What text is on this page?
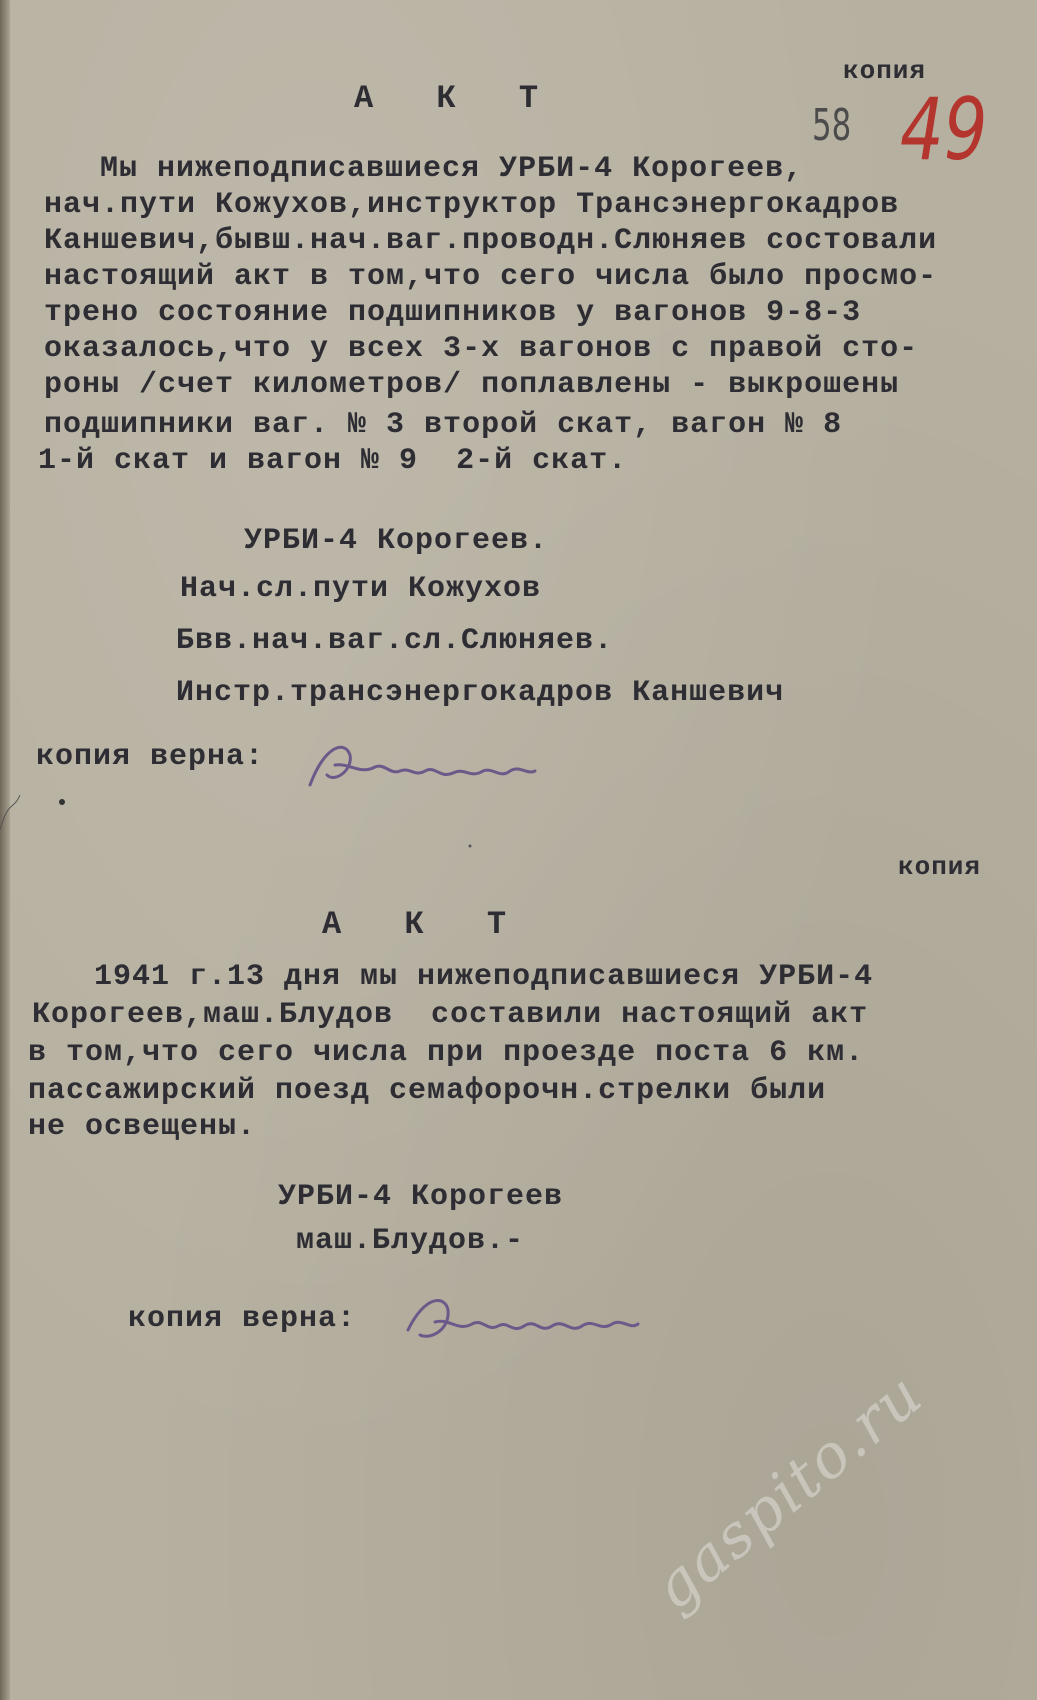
копия
58 49
А К Т
Мы нижеподписавшиеся УРБИ-4 Корогеев,
нач.пути Кожухов,инструктор Трансэнергокадров
Каншевич,бывш.нач.ваг.проводн.Слюняев состовали
настоящий акт в том,что сего числа было просмо-
трено состояние подшипников у вагонов 9-8-3
оказалось,что у всех 3-х вагонов с правой сто-
роны /счет километров/ поплавлены - выкрошены
подшипники ваг. № 3 второй скат, вагон № 8
1-й скат и вагон № 9  2-й скат.
УРБИ-4 Корогеев.
Нач.сл.пути Кожухов
Бвв.нач.ваг.сл.Слюняев.
Инстр.трансэнергокадров Каншевич
копия верна:
копия
А К Т
1941 г.13 дня мы нижеподписавшиеся УРБИ-4
Корогеев,маш.Блудов  составили настоящий акт
в том,что сего числа при проезде поста 6 км.
пассажирский поезд семафорочн.стрелки были
не освещены.
УРБИ-4 Корогеев
маш.Блудов.-
копия верна:
gaspito.ru
